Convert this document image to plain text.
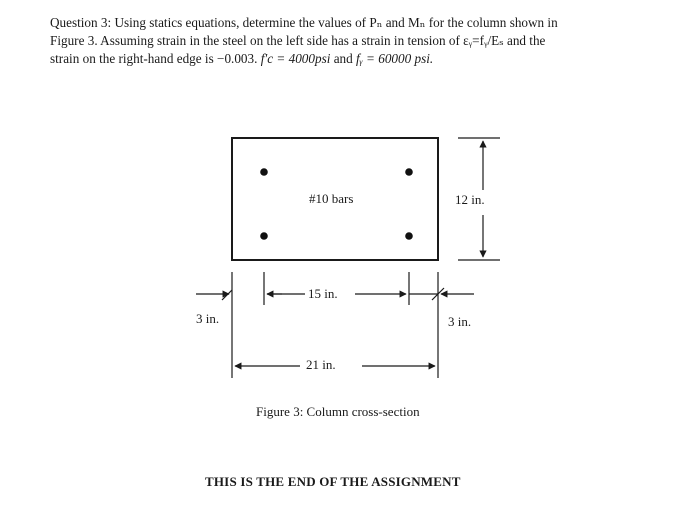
Question 3: Using statics equations, determine the values of Pₙ and Mₙ for the column shown in
Figure 3. Assuming strain in the steel on the left side has a strain in tension of εᵧ=fᵧ/Eₛ and the
strain on the right-hand edge is −0.003. f′c = 4000psi and fᵧ = 60000 psi.
#10 bars	12 in.
15 in.
3 in.	3 in.
21 in.
Figure 3: Column cross-section
THIS IS THE END OF THE ASSIGNMENT
